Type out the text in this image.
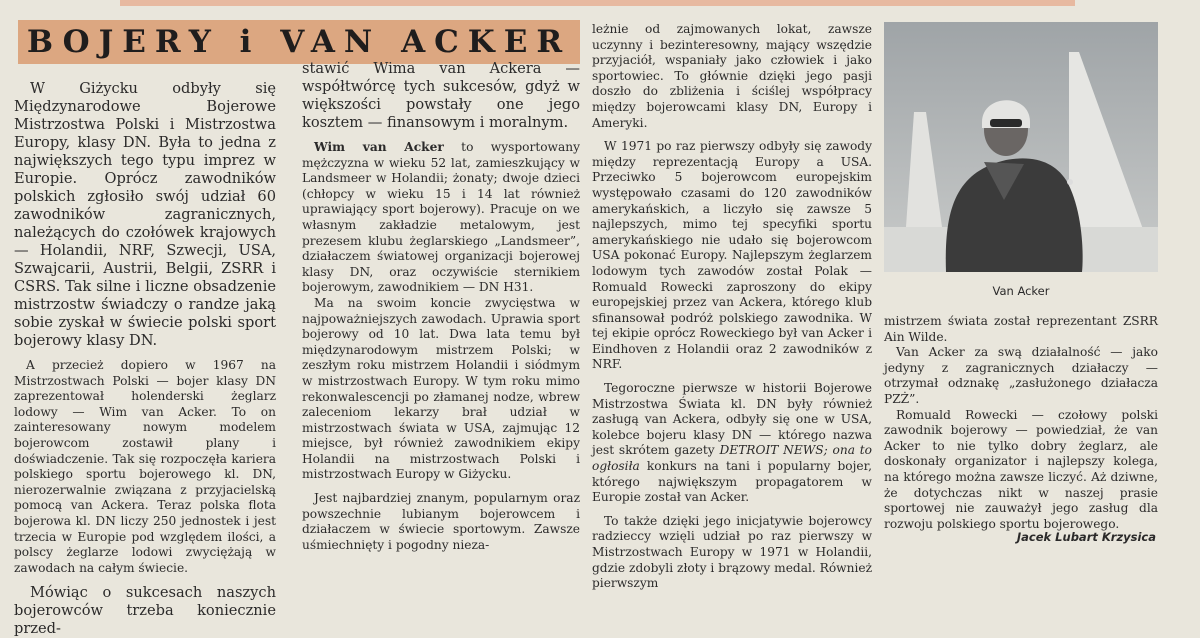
BOJERY i VAN ACKER

W Giżycku odbyły się Międzynarodowe Bojerowe Mistrzostwa Polski i Mistrzostwa Europy, klasy DN. Była to jedna z największych tego typu imprez w Europie. Oprócz zawodników polskich zgłosiło swój udział 60 zawodników zagranicznych, należących do czołówek krajowych — Holandii, NRF, Szwecji, USA, Szwajcarii, Austrii, Belgii, ZSRR i CSRS. Tak silne i liczne obsadzenie mistrzostw świadczy o randze jaką sobie zyskał w świecie polski sport bojerowy klasy DN.

A przecież dopiero w 1967 na Mistrzostwach Polski — bojer klasy DN zaprezentował holenderski żeglarz lodowy — Wim van Acker. To on zainteresowany nowym modelem bojerowcom zostawił plany i doświadczenie. Tak się rozpoczęła kariera polskiego sportu bojerowego kl. DN, nierozerwalnie związana z przyjacielską pomocą van Ackera. Teraz polska flota bojerowa kl. DN liczy 250 jednostek i jest trzecia w Europie pod względem ilości, a polscy żeglarze lodowi zwyciężają w zawodach na całym świecie.

Mówiąc o sukcesach naszych bojerowców trzeba koniecznie przed-

stawić Wima van Ackera — współtwórcę tych sukcesów, gdyż w większości powstały one jego kosztem — finansowym i moralnym.

Wim van Acker to wysportowany mężczyzna w wieku 52 lat, zamieszkujący w Landsmeer w Holandii; żonaty; dwoje dzieci (chłopcy w wieku 15 i 14 lat również uprawiający sport bojerowy). Pracuje on we własnym zakładzie metalowym, jest prezesem klubu żeglarskiego „Landsmeer”, działaczem światowej organizacji bojerowej klasy DN, oraz oczywiście sternikiem bojerowym, zawodnikiem — DN H31.

Ma na swoim koncie zwycięstwa w najpoważniejszych zawodach. Uprawia sport bojerowy od 10 lat. Dwa lata temu był międzynarodowym mistrzem Polski; w zeszłym roku mistrzem Holandii i siódmym w mistrzostwach Europy. W tym roku mimo rekonwalescencji po złamanej nodze, wbrew zaleceniom lekarzy brał udział w mistrzostwach świata w USA, zajmując 12 miejsce, był również zawodnikiem ekipy Holandii na mistrzostwach Polski i mistrzostwach Europy w Giżycku.

Jest najbardziej znanym, popularnym oraz powszechnie lubianym bojerowcem i działaczem w świecie sportowym. Zawsze uśmiechnięty i pogodny nieza-

leżnie od zajmowanych lokat, zawsze uczynny i bezinteresowny, mający wszędzie przyjaciół, wspaniały jako człowiek i jako sportowiec. To głównie dzięki jego pasji doszło do zbliżenia i ściślej współpracy między bojerowcami klasy DN, Europy i Ameryki.

W 1971 po raz pierwszy odbyły się zawody między reprezentacją Europy a USA. Przeciwko 5 bojerowcom europejskim występowało czasami do 120 zawodników amerykańskich, a liczyło się zawsze 5 najlepszych, mimo tej specyfiki sportu amerykańskiego nie udało się bojerowcom USA pokonać Europy. Najlepszym żeglarzem lodowym tych zawodów został Polak — Romuald Rowecki zaproszony do ekipy europejskiej przez van Ackera, którego klub sfinansował podróż polskiego zawodnika. W tej ekipie oprócz Roweckiego był van Acker i Eindhoven z Holandii oraz 2 zawodników z NRF.

Tegoroczne pierwsze w historii Bojerowe Mistrzostwa Świata kl. DN były również zasługą van Ackera, odbyły się one w USA, kolebce bojeru klasy DN — którego nazwa jest skrótem gazety DETROIT NEWS; ona to ogłosiła konkurs na tani i popularny bojer, którego największym propagatorem w Europie został van Acker.

To także dzięki jego inicjatywie bojerowcy radzieccy wzięli udział po raz pierwszy w Mistrzostwach Europy w 1971 w Holandii, gdzie zdobyli złoty i brązowy medal. Również pierwszym

Van Acker

mistrzem świata został reprezentant ZSRR Ain Wilde.

Van Acker za swą działalność — jako jedyny z zagranicznych działaczy — otrzymał odznakę „zasłużonego działacza PZŻ”.

Romuald Rowecki — czołowy polski zawodnik bojerowy — powiedział, że van Acker to nie tylko dobry żeglarz, ale doskonały organizator i najlepszy kolega, na którego można zawsze liczyć. Aż dziwne, że dotychczas nikt w naszej prasie sportowej nie zauważył jego zasług dla rozwoju polskiego sportu bojerowego.

Jacek Lubart Krzysica
